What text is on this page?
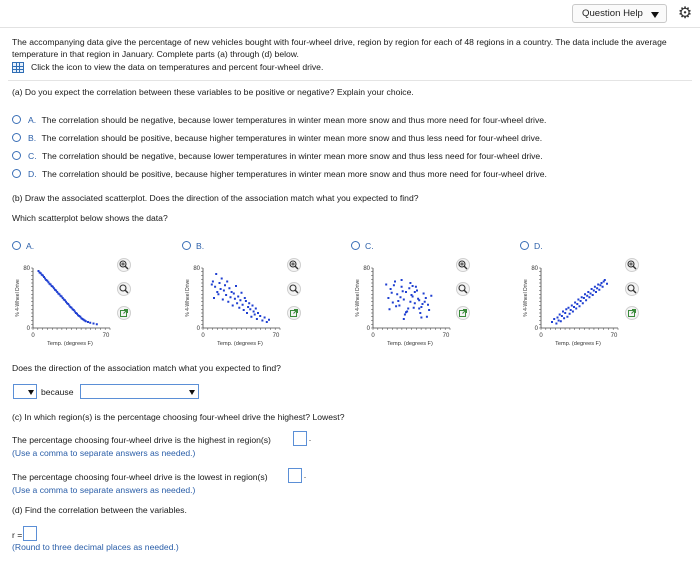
Question Help	⚙
The accompanying data give the percentage of new vehicles bought with four-wheel drive, region by region for each of 48 regions in a country. The data include the average temperature in that region in January. Complete parts (a) through (d) below.
Click the icon to view the data on temperatures and percent four-wheel drive.
(a) Do you expect the correlation between these variables to be positive or negative? Explain your choice.
A. The correlation should be negative, because lower temperatures in winter mean more snow and thus more need for four-wheel drive.
B. The correlation should be positive, because higher temperatures in winter mean more snow and thus less need for four-wheel drive.
C. The correlation should be negative, because lower temperatures in winter mean more snow and thus less need for four-wheel drive.
D. The correlation should be positive, because higher temperatures in winter mean more snow and thus more need for four-wheel drive.
(b) Draw the associated scatterplot. Does the direction of the association match what you expected to find?
Which scatterplot below shows the data?
A.	B.	C.	D.
80
0
0	70
Temp. (degrees F)
% 4-Wheel Drive
80
0
0	70
Temp. (degrees F)
% 4-Wheel Drive
80
0
0	70
Temp. (degrees F)
% 4-Wheel Drive
80
0
0	70
Temp. (degrees F)
% 4-Wheel Drive
Does the direction of the association match what you expected to find?
because
(c) In which region(s) is the percentage choosing four-wheel drive the highest? Lowest?
The percentage choosing four-wheel drive is the highest in region(s)
(Use a comma to separate answers as needed.)
The percentage choosing four-wheel drive is the lowest in region(s)
(Use a comma to separate answers as needed.)
(d) Find the correlation between the variables.
r =
(Round to three decimal places as needed.)
